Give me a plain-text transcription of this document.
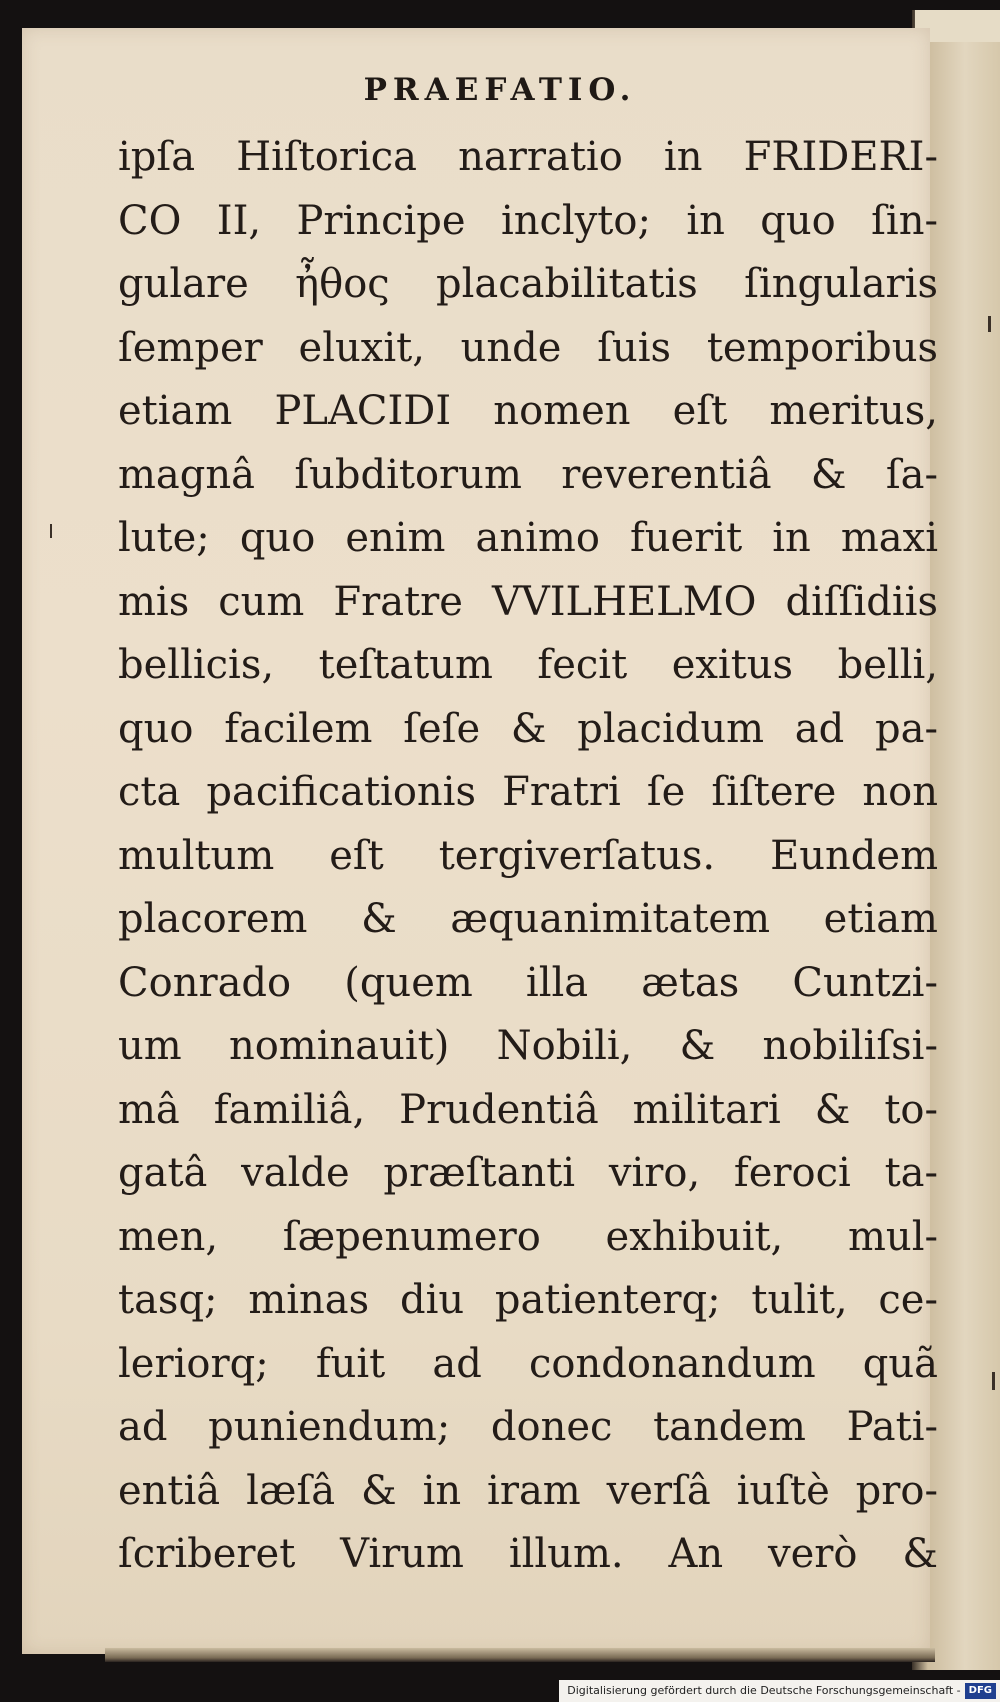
PRAEFATIO.
ipſa Hiſtorica narratio in FRIDERI-
CO II, Principe inclyto; in quo ſin-
gulare ἦθος placabilitatis ſingularis
ſemper eluxit, unde ſuis temporibus
etiam PLACIDI nomen eſt meritus,
magnâ ſubditorum reverentiâ & ſa-
lute; quo enim animo fuerit in maxi
mis cum Fratre VVILHELMO diſſidiis
bellicis, teſtatum fecit exitus belli,
quo facilem ſeſe & placidum ad pa-
cta pacificationis Fratri ſe ſiſtere non
multum eſt tergiverſatus. Eundem
placorem & æquanimitatem etiam
Conrado (quem illa ætas Cuntzi-
um nominauit) Nobili, & nobiliſsi-
mâ familiâ, Prudentiâ militari & to-
gatâ valde præſtanti viro, feroci ta-
men, ſæpenumero exhibuit, mul-
tasq; minas diu patienterq; tulit, ce-
leriorq; fuit ad condonandum quã
ad puniendum; donec tandem Pati-
entiâ læſâ & in iram verſâ iuſtè pro-
ſcriberet Virum illum. An verò &
Digitalisierung gefördert durch die Deutsche Forschungsgemeinschaft - DFG
